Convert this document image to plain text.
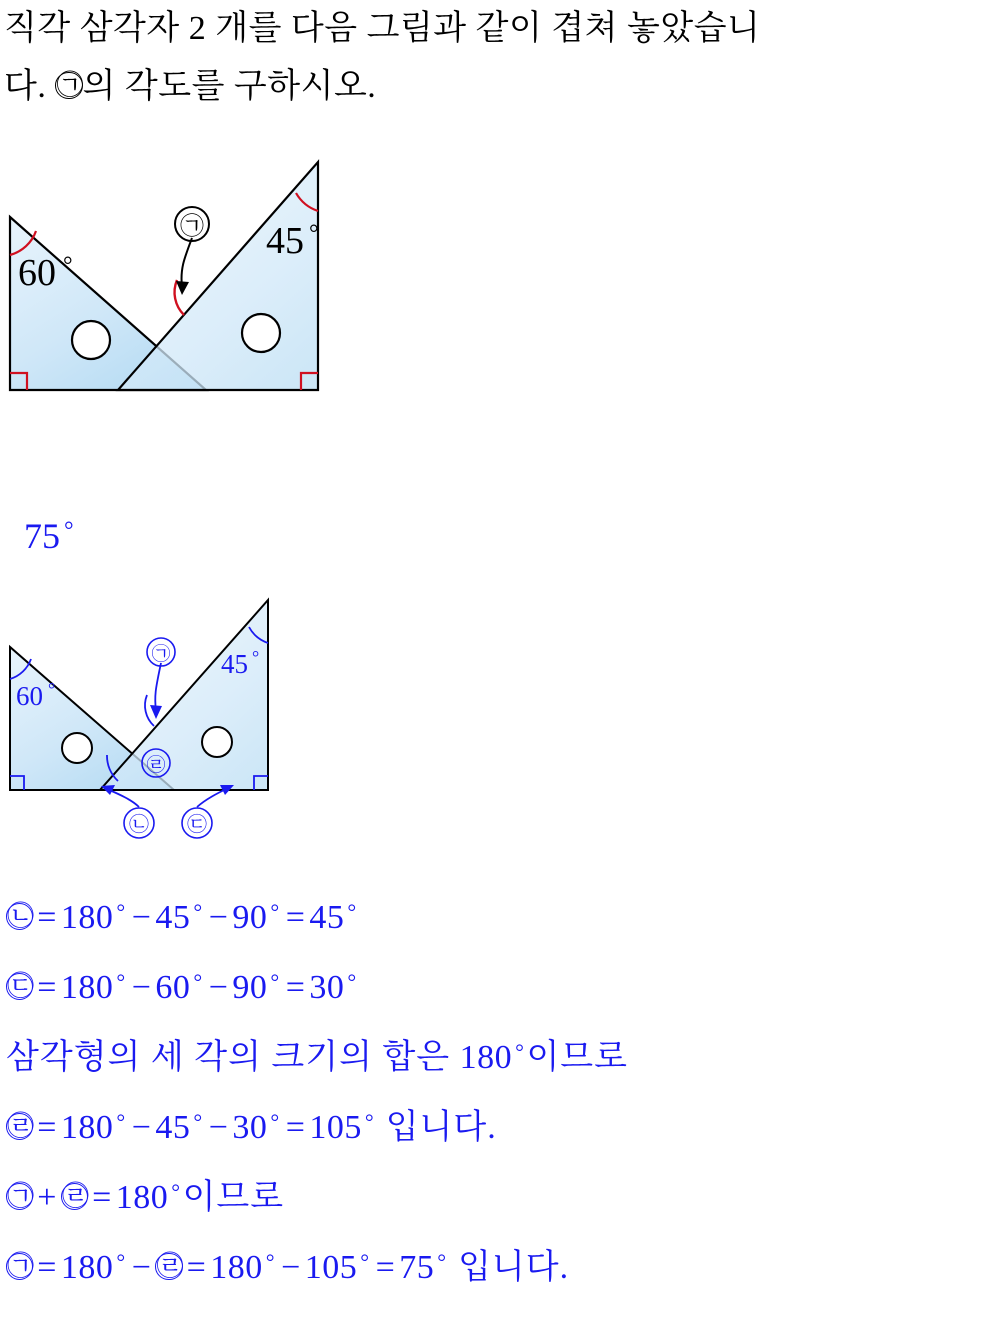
직각 삼각자 2 개를 다음 그림과 같이 겹쳐 놓았습니
다. ㉠의 각도를 구하시오.
60 °
45 °
㉠
75 °
60 °
45 °
㉠
㉣
㉡ ㉢
㉡= 180 ° − 45 ° − 90 ° = 45 °
㉢= 180 ° − 60 ° − 90 ° = 30 °
삼각형의 세 각의 크기의 합은 180 °이므로
㉣= 180 ° − 45 ° − 30 ° = 105 ° 입니다.
㉠+ ㉣= 180 °이므로
㉠= 180 ° − ㉣= 180 ° − 105 ° = 75 ° 입니다.
